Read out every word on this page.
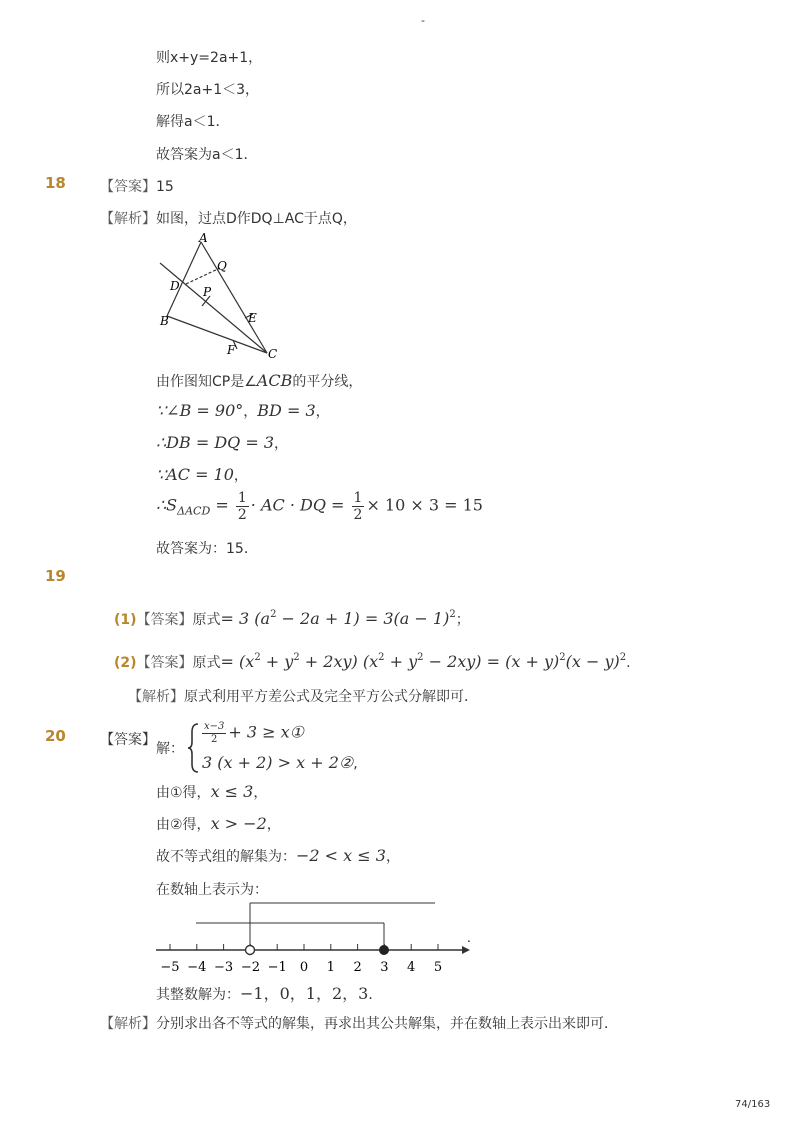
-
则x+y=2a+1，
所以2a+1＜3，
解得a＜1．
故答案为a＜1．
18 【答案】15
【解析】如图，过点D作DQ⊥AC于点Q，
A
Q
D P
E
B
F	C
由作图知CP是∠ACB的平分线，
∵∠B = 90°，BD = 3，
∴DB = DQ = 3，
∵AC = 10，
$\therefore S_{\Delta ACD} = \frac{1}{2}$ · AC · DQ = $\frac{1}{2} \times 10 \times 3 = 15$
故答案为：15．
19
(1)【答案】原式= 3 $(a^2 - 2a + 1) = 3(a - 1)^2$；
(2)【答案】原式= $(x^2 + y^2 + 2xy) (x^2 + y^2 - 2xy) = (x + y)^2(x - y)^2$.
【解析】原式利用平方差公式及完全平方公式分解即可．
20 【答案】
解：
$\frac{x-3}{2} + 3$ ≥ x①
3 (x + 2) > x + 2②,
由①得，x ≤ 3，
由②得，x > −2，
故不等式组的解集为：−2 < x ≤ 3，
在数轴上表示为：
−5 −4 −3 −2 −1 0 1 2 3 4 5
.
其整数解为：−1，0，1，2，3．
【解析】分别求出各不等式的解集，再求出其公共解集，并在数轴上表示出来即可．
74/163
